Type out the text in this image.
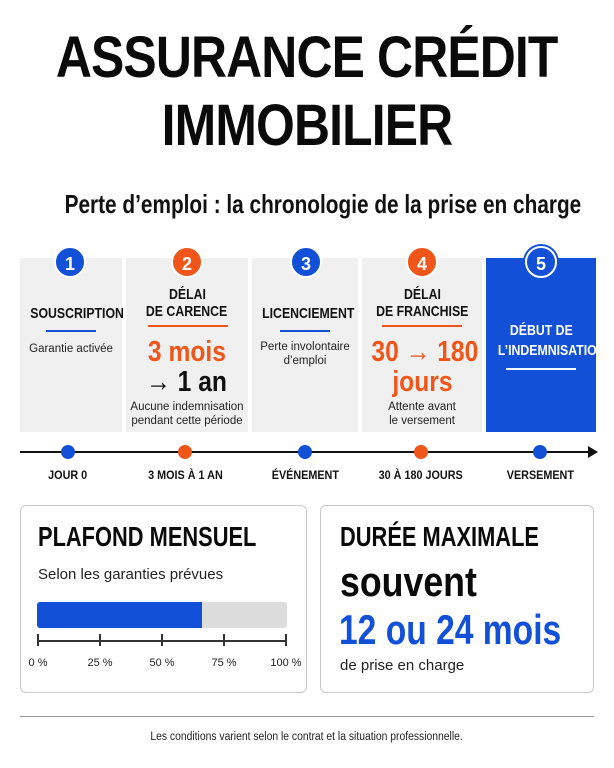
ASSURANCE CRÉDIT
IMMOBILIER
Perte d’emploi : la chronologie de la prise en charge
1	2	3	4	5
SOUSCRIPTION
Garantie activée
DÉLAI
DE CARENCE
3 mois
→ 1 an
Aucune indemnisation
pendant cette période
LICENCIEMENT
Perte involontaire
d’emploi
DÉLAI
DE FRANCHISE
30 → 180
jours
Attente avant
le versement
DÉBUT DE
L’INDEMNISATION
JOUR 0	3 MOIS À 1 AN	ÉVÉNEMENT	30 À 180 JOURS	VERSEMENT
PLAFOND MENSUEL
Selon les garanties prévues
0 %	25 %	50 %	75 %	100 %
DURÉE MAXIMALE
souvent
12 ou 24 mois
de prise en charge
Les conditions varient selon le contrat et la situation professionnelle.
